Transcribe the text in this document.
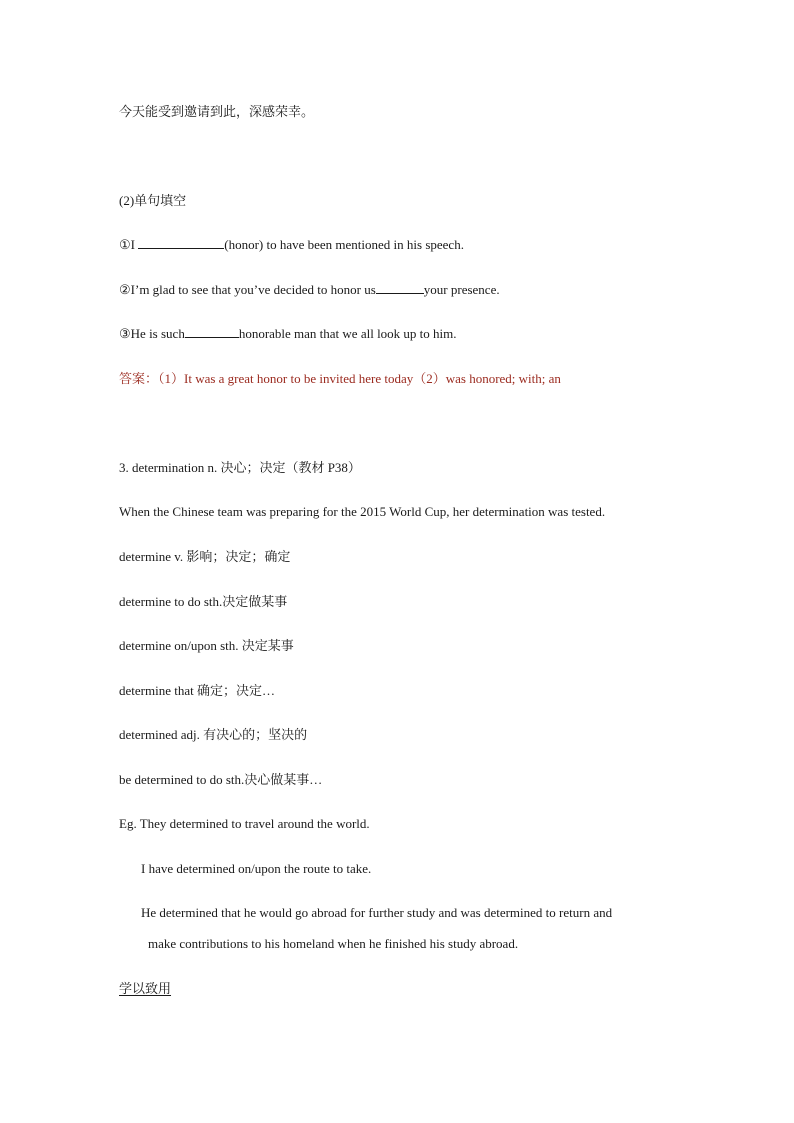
今天能受到邀请到此，深感荣幸。
(2)单句填空
①I	(honor) to have been mentioned in his speech.
②I’m glad to see that you’ve decided to honor us	your presence.
③He is such	honorable man that we all look up to him.
答案：（1）It was a great honor to be invited here today（2）was honored; with; an
3. determination n. 决心；决定（教材 P38）
When the Chinese team was preparing for the 2015 World Cup, her determination was tested.
determine v. 影响；决定；确定
determine to do sth.决定做某事
determine on/upon sth. 决定某事
determine that 确定；决定…
determined adj. 有决心的；坚决的
be determined to do sth.决心做某事…
Eg. They determined to travel around the world.
I have determined on/upon the route to take.
He determined that he would go abroad for further study and was determined to return and
make contributions to his homeland when he finished his study abroad.
学以致用
